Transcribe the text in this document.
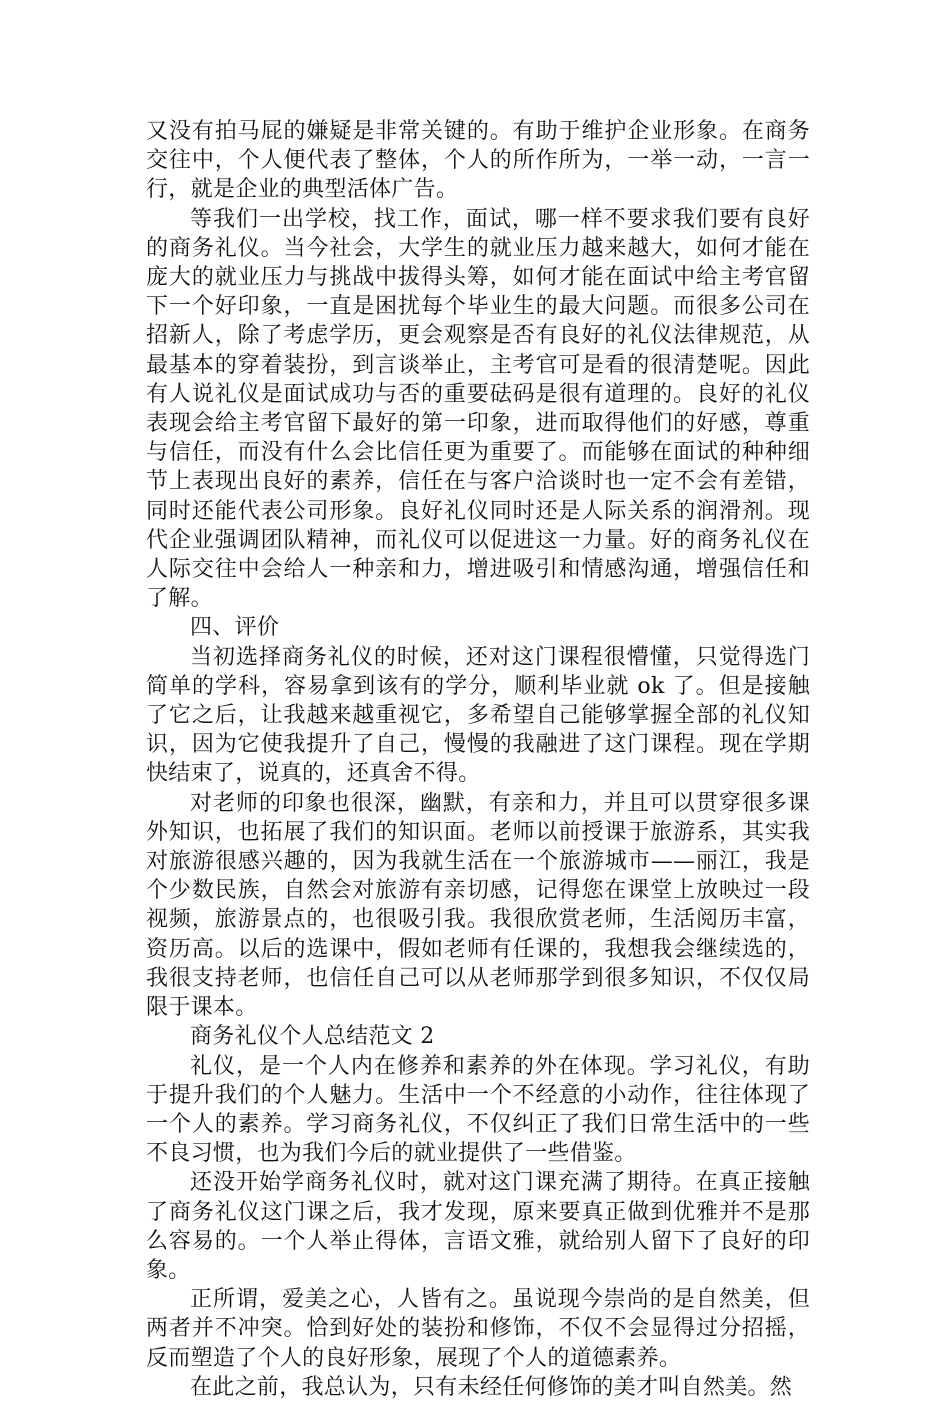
又没有拍马屁的嫌疑是非常关键的。有助于维护企业形象。在商务交往中，个人便代表了整体，个人的所作所为，一举一动，一言一行，就是企业的典型活体广告。

等我们一出学校，找工作，面试，哪一样不要求我们要有良好的商务礼仪。当今社会，大学生的就业压力越来越大，如何才能在庞大的就业压力与挑战中拔得头筹，如何才能在面试中给主考官留下一个好印象，一直是困扰每个毕业生的最大问题。而很多公司在招新人，除了考虑学历，更会观察是否有良好的礼仪法律规范，从最基本的穿着装扮，到言谈举止，主考官可是看的很清楚呢。因此有人说礼仪是面试成功与否的重要砝码是很有道理的。良好的礼仪表现会给主考官留下最好的第一印象，进而取得他们的好感，尊重与信任，而没有什么会比信任更为重要了。而能够在面试的种种细节上表现出良好的素养，信任在与客户洽谈时也一定不会有差错，同时还能代表公司形象。良好礼仪同时还是人际关系的润滑剂。现代企业强调团队精神，而礼仪可以促进这一力量。好的商务礼仪在人际交往中会给人一种亲和力，增进吸引和情感沟通，增强信任和了解。

四、评价

当初选择商务礼仪的时候，还对这门课程很懵懂，只觉得选门简单的学科，容易拿到该有的学分，顺利毕业就 ok 了。但是接触了它之后，让我越来越重视它，多希望自己能够掌握全部的礼仪知识，因为它使我提升了自己，慢慢的我融进了这门课程。现在学期快结束了，说真的，还真舍不得。

对老师的印象也很深，幽默，有亲和力，并且可以贯穿很多课外知识，也拓展了我们的知识面。老师以前授课于旅游系，其实我对旅游很感兴趣的，因为我就生活在一个旅游城市——丽江，我是个少数民族，自然会对旅游有亲切感，记得您在课堂上放映过一段视频，旅游景点的，也很吸引我。我很欣赏老师，生活阅历丰富，资历高。以后的选课中，假如老师有任课的，我想我会继续选的，我很支持老师，也信任自己可以从老师那学到很多知识，不仅仅局限于课本。

商务礼仪个人总结范文 2

礼仪，是一个人内在修养和素养的外在体现。学习礼仪，有助于提升我们的个人魅力。生活中一个不经意的小动作，往往体现了一个人的素养。学习商务礼仪，不仅纠正了我们日常生活中的一些不良习惯，也为我们今后的就业提供了一些借鉴。

还没开始学商务礼仪时，就对这门课充满了期待。在真正接触了商务礼仪这门课之后，我才发现，原来要真正做到优雅并不是那么容易的。一个人举止得体，言语文雅，就给别人留下了良好的印象。

正所谓，爱美之心，人皆有之。虽说现今崇尚的是自然美，但两者并不冲突。恰到好处的装扮和修饰，不仅不会显得过分招摇，反而塑造了个人的良好形象，展现了个人的道德素养。

在此之前，我总认为，只有未经任何修饰的美才叫自然美。然
